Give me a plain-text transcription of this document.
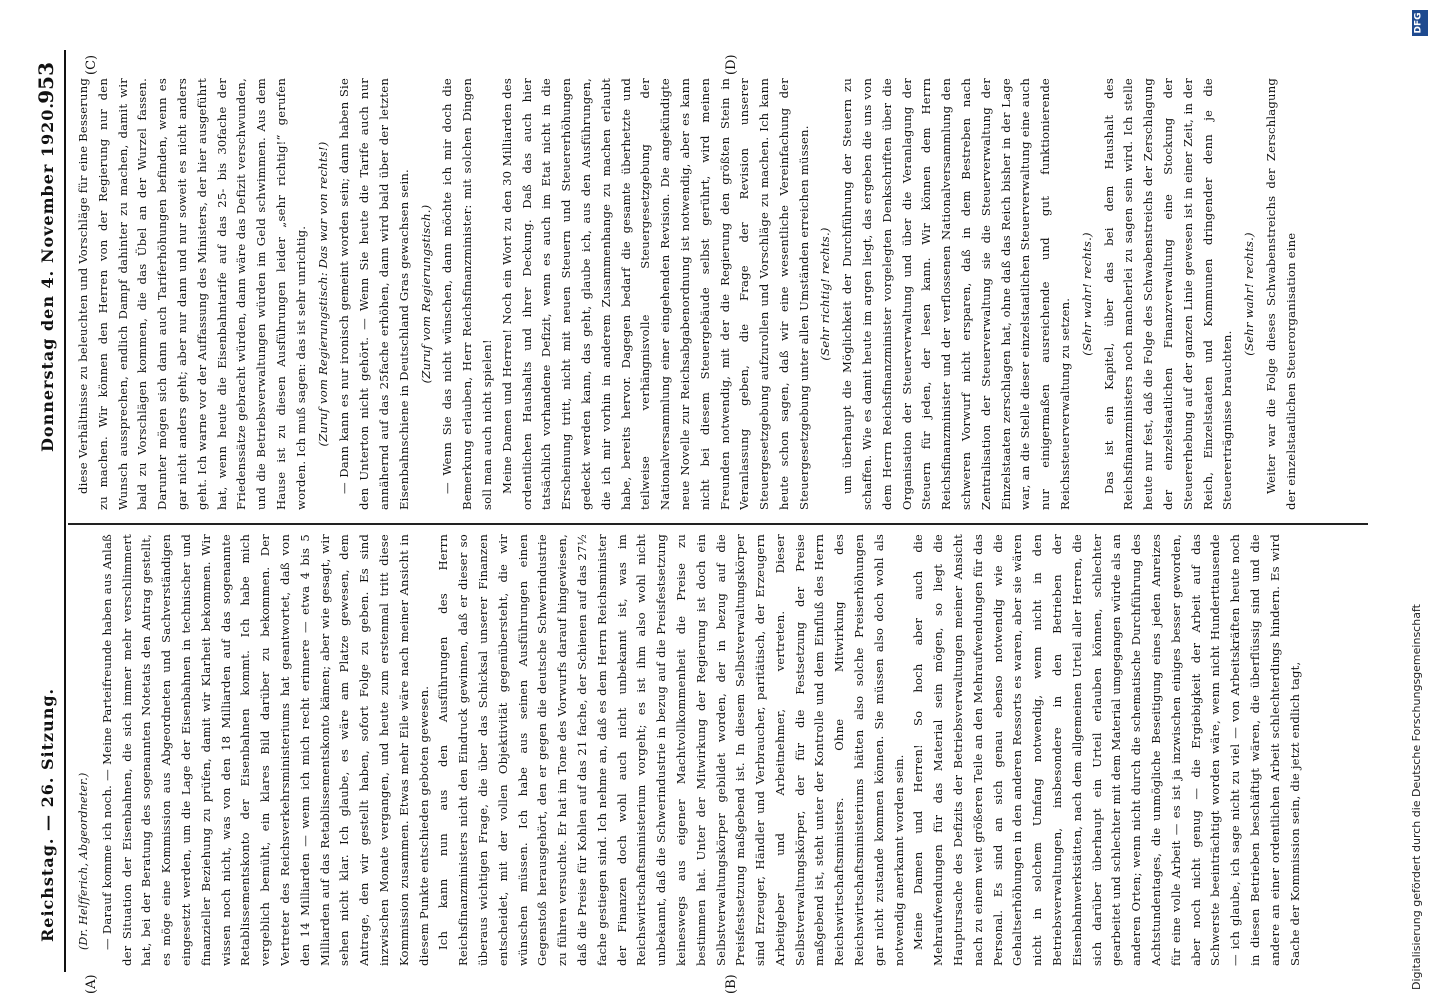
Reichstag. — 26. Sitzung.
Donnerstag den 4. November 1920.
953
(A)	(B)
(C)	(D)

(Dr. Helfferich, Abgeordneter.) — Darauf komme ich noch. — Meine Parteifreunde haben aus Anlaß der Situation der Eisenbahnen, die sich immer mehr verschlimmert hat, bei der Beratung des sogenannten Notetats den Antrag gestellt, es möge eine Kommission aus Abgeordneten und Sachverständigen eingesetzt werden, um die Lage der Eisenbahnen in technischer und finanzieller Beziehung zu prüfen, damit wir Klarheit bekommen. Wir wissen noch nicht, was von den 18 Milliarden auf das sogenannte Retablissementskonto der Eisenbahnen kommt. Ich habe mich vergeblich bemüht, ein klares Bild darüber zu bekommen. Der Vertreter des Reichsverkehrsministeriums hat geantwortet, daß von den 14 Milliarden — wenn ich mich recht erinnere — etwa 4 bis 5 Milliarden auf das Retablissementskonto kämen; aber wie gesagt, wir sehen nicht klar. Ich glaube, es wäre am Platze gewesen, dem Antrage, den wir gestellt haben, sofort Folge zu geben. Es sind inzwischen Monate vergangen, und heute zum erstenmal tritt diese Kommission zusammen. Etwas mehr Eile wäre nach meiner Ansicht in diesem Punkte entschieden geboten gewesen. Ich kann nun aus den Ausführungen des Herrn Reichsfinanzministers nicht den Eindruck gewinnen, daß er dieser so überaus wichtigen Frage, die über das Schicksal unserer Finanzen entscheidet, mit der vollen Objektivität gegenübersteht, die wir wünschen müssen. Ich habe aus seinen Ausführungen einen Gegenstoß herausgehört, den er gegen die deutsche Schwerindustrie zu führen versuchte. Er hat im Tone des Vorwurfs darauf hingewiesen, daß die Preise für Kohlen auf das 21 fache, der Schienen auf das 27½ fache gestiegen sind. Ich nehme an, daß es dem Herrn Reichsminister der Finanzen doch wohl auch nicht unbekannt ist, was im Reichswirtschaftsministerium vorgeht; es ist ihm also wohl nicht unbekannt, daß die Schwerindustrie in bezug auf die Preisfestsetzung keineswegs aus eigener Machtvollkommenheit die Preise zu bestimmen hat. Unter der Mitwirkung der Regierung ist doch ein Selbstverwaltungskörper gebildet worden, der in bezug auf die Preisfestsetzung maßgebend ist. In diesem Selbstverwaltungskörper sind Erzeuger, Händler und Verbraucher, paritätisch, der Erzeugern Arbeitgeber und Arbeitnehmer, vertreten. Dieser Selbstverwaltungskörper, der für die Festsetzung der Preise maßgebend ist, steht unter der Kontrolle und dem Einfluß des Herrn Reichswirtschaftsministers. Ohne Mitwirkung des Reichswirtschaftsministeriums hätten also solche Preiserhöhungen gar nicht zustande kommen können. Sie müssen also doch wohl als notwendig anerkannt worden sein. Meine Damen und Herren! So hoch aber auch die Mehraufwendungen für das Material sein mögen, so liegt die Hauptursache des Defizits der Betriebsverwaltungen meiner Ansicht nach zu einem weit größeren Teile an den Mehraufwendungen für das Personal. Es sind an sich genau ebenso notwendig wie die Gehaltserhöhungen in den anderen Ressorts es waren, aber sie wären nicht in solchem Umfang notwendig, wenn nicht in den Betriebsverwaltungen, insbesondere in den Betrieben der Eisenbahnwerkstätten, nach dem allgemeinen Urteil aller Herren, die sich darüber überhaupt ein Urteil erlauben können, schlechter gearbeitet und schlechter mit dem Material umgegangen würde als an anderen Orten; wenn nicht durch die schematische Durchführung des Achtstundentages, die unmögliche Beseitigung eines jeden Anreizes für eine volle Arbeit — es ist ja inzwischen einiges besser geworden, aber noch nicht genug — die Ergiebigkeit der Arbeit auf das Schwerste beeinträchtigt worden wäre, wenn nicht Hunderttausende — ich glaube, ich sage nicht zu viel — von Arbeitskräften heute noch in diesen Betrieben beschäftigt wären, die überflüssig sind und die andere an einer ordentlichen Arbeit schlechterdings hindern. Es wird Sache der Kommission sein, die jetzt endlich tagt,

diese Verhältnisse zu beleuchten und Vorschläge für eine Besserung zu machen. Wir können den Herren von der Regierung nur den Wunsch aussprechen, endlich Dampf dahinter zu machen, damit wir bald zu Vorschlägen kommen, die das Übel an der Wurzel fassen. Darunter mögen sich dann auch Tariferhöhungen befinden, wenn es gar nicht anders geht; aber nur dann und nur soweit es nicht anders geht. Ich warne vor der Auffassung des Ministers, der hier ausgeführt hat, wenn heute die Eisenbahntarife auf das 25- bis 30fache der Friedenssätze gebracht würden, dann wäre das Defizit verschwunden, und die Betriebsverwaltungen würden im Geld schwimmen. Aus dem Hause ist zu diesen Ausführungen leider „sehr richtig!“ gerufen worden. Ich muß sagen: das ist sehr unrichtig. (Zuruf vom Regierungstisch: Das war von rechts!) — Dann kann es nur ironisch gemeint worden sein; dann haben Sie den Unterton nicht gehört. — Wenn Sie heute die Tarife auch nur annähernd auf das 25fache erhöhen, dann wird bald über der letzten Eisenbahnschiene in Deutschland Gras gewachsen sein. (Zuruf vom Regierungstisch.) — Wenn Sie das nicht wünschen, dann möchte ich mir doch die Bemerkung erlauben, Herr Reichsfinanzminister: mit solchen Dingen soll man auch nicht spielen! Meine Damen und Herren! Noch ein Wort zu den 30 Milliarden des ordentlichen Haushalts und ihrer Deckung. Daß das auch hier tatsächlich vorhandene Defizit, wenn es auch im Etat nicht in die Erscheinung tritt, nicht mit neuen Steuern und Steuererhöhungen gedeckt werden kann, das geht, glaube ich, aus den Ausführungen, die ich mir vorhin in anderem Zusammenhange zu machen erlaubt habe, bereits hervor. Dagegen bedarf die gesamte überhetzte und teilweise verhängnisvolle Steuergesetzgebung der Nationalversammlung einer eingehenden Revision. Die angekündigte neue Novelle zur Reichsabgabenordnung ist notwendig, aber es kann nicht bei diesem Steuergebäude selbst gerührt, wird meinen Freunden notwendig, mit der die Regierung den größten Stein in Veranlassung geben, die Frage der Revision unserer Steuergesetzgebung aufzurollen und Vorschläge zu machen. Ich kann heute schon sagen, daß wir eine wesentliche Vereinfachung der Steuergesetzgebung unter allen Umständen erreichen müssen. (Sehr richtig! rechts.) um überhaupt die Möglichkeit der Durchführung der Steuern zu schaffen. Wie es damit heute im argen liegt, das ergeben die uns von dem Herrn Reichsfinanzminister vorgelegten Denkschriften über die Organisation der Steuerverwaltung und über die Veranlagung der Steuern für jeden, der lesen kann. Wir können dem Herrn Reichsfinanzminister und der verflossenen Nationalversammlung den schweren Vorwurf nicht ersparen, daß in dem Bestreben nach Zentralisation der Steuerverwaltung sie die Steuerverwaltung der Einzelstaaten zerschlagen hat, ohne daß das Reich bisher in der Lage war, an die Stelle dieser einzelstaatlichen Steuerverwaltung eine auch nur einigermaßen ausreichende und gut funktionierende Reichssteuerverwaltung zu setzen.

(Sehr wahr! rechts.) Das ist ein Kapitel, über das bei dem Haushalt des Reichsfinanzministers noch mancherlei zu sagen sein wird. Ich stelle heute nur fest, daß die Folge des Schwabenstreichs der Zerschlagung der einzelstaatlichen Finanzverwaltung eine Stockung der Steuererhebung auf der ganzen Linie gewesen ist in einer Zeit, in der Reich, Einzelstaaten und Kommunen dringender denn je die Steuererträgnisse brauchten.

(Sehr wahr! rechts.) Weiter war die Folge dieses Schwabenstreichs der Zerschlagung der einzelstaatlichen Steuerorganisation eine

DFG
Digitalisierung gefördert durch die Deutsche Forschungsgemeinschaft
